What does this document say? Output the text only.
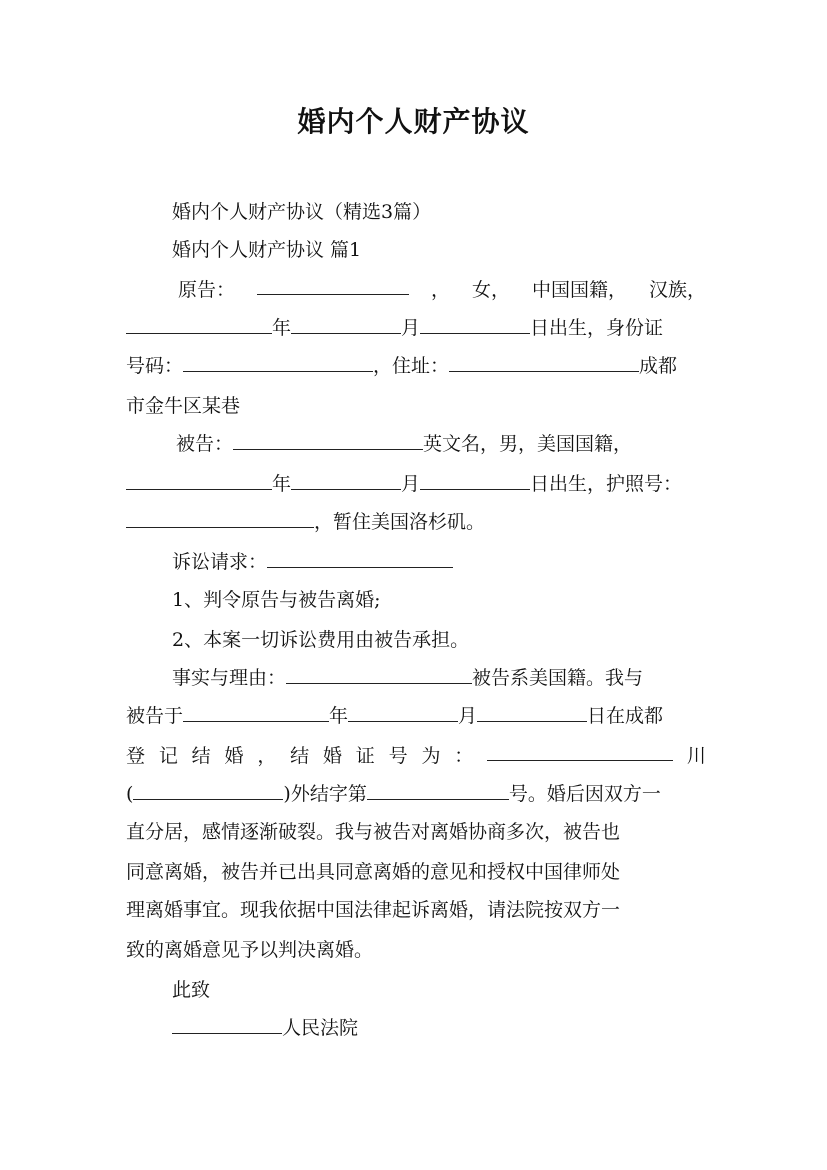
婚内个人财产协议
婚内个人财产协议（精选3篇）
婚内个人财产协议 篇1
原告：	， 女， 中国国籍， 汉族，
年	月	日出生，身份证
号码：	，住址：	成都
市金牛区某巷
被告：	英文名，男，美国国籍，
年	月	日出生，护照号：
，暂住美国洛杉矶。
诉讼请求：
1、判令原告与被告离婚;
2、本案一切诉讼费用由被告承担。
事实与理由：	被告系美国籍。我与
被告于	年	月	日在成都
登 记 结 婚 ， 结 婚 证 号 为 ：	川
(	)外结字第	号。婚后因双方一
直分居，感情逐渐破裂。我与被告对离婚协商多次，被告也
同意离婚，被告并已出具同意离婚的意见和授权中国律师处
理离婚事宜。现我依据中国法律起诉离婚，请法院按双方一
致的离婚意见予以判决离婚。
此致
人民法院
